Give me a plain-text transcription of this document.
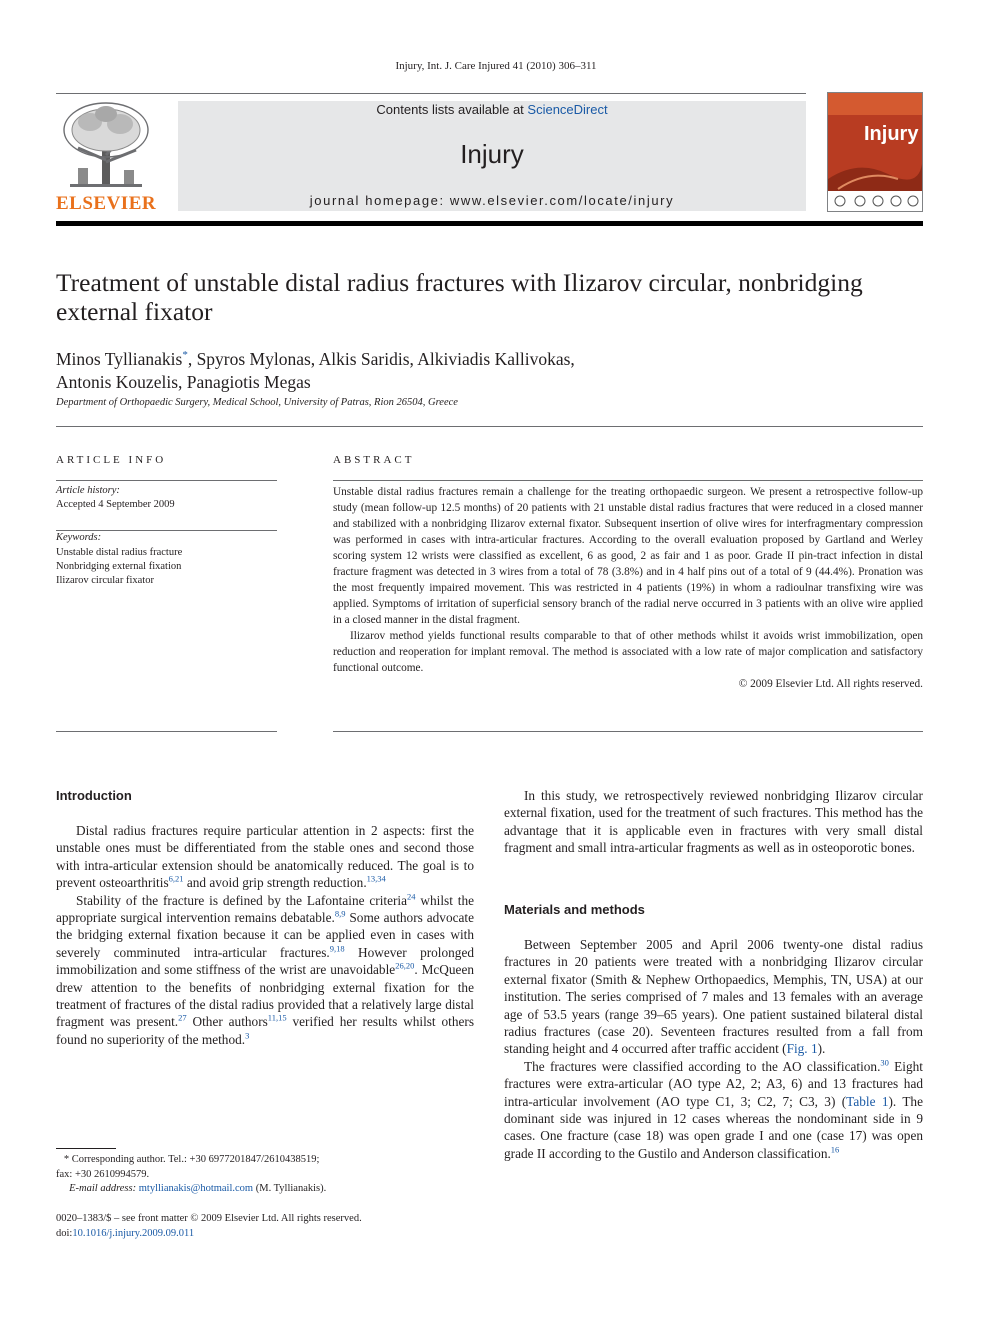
Injury, Int. J. Care Injured 41 (2010) 306–311
ELSEVIER
Contents lists available at ScienceDirect
Injury
journal homepage: www.elsevier.com/locate/injury
Injury
Treatment of unstable distal radius fractures with Ilizarov circular, nonbridging external fixator
Minos Tyllianakis*, Spyros Mylonas, Alkis Saridis, Alkiviadis Kallivokas,
Antonis Kouzelis, Panagiotis Megas
Department of Orthopaedic Surgery, Medical School, University of Patras, Rion 26504, Greece
ARTICLE INFO
Article history:
Accepted 4 September 2009
Keywords:
Unstable distal radius fracture
Nonbridging external fixation
Ilizarov circular fixator
ABSTRACT

Unstable distal radius fractures remain a challenge for the treating orthopaedic surgeon. We present a retrospective follow-up study (mean follow-up 12.5 months) of 20 patients with 21 unstable distal radius fractures that were reduced in a closed manner and stabilized with a nonbridging Ilizarov external fixator. Subsequent insertion of olive wires for interfragmentary compression was performed in cases with intra-articular fractures. According to the overall evaluation proposed by Gartland and Werley scoring system 12 wrists were classified as excellent, 6 as good, 2 as fair and 1 as poor. Grade II pin-tract infection in distal fracture fragment was detected in 3 wires from a total of 78 (3.8%) and in 4 half pins out of a total of 9 (44.4%). Pronation was the most frequently impaired movement. This was restricted in 4 patients (19%) in whom a radioulnar transfixing wire was applied. Symptoms of irritation of superficial sensory branch of the radial nerve occurred in 3 patients with an olive wire applied in a closed manner in the distal fragment.

Ilizarov method yields functional results comparable to that of other methods whilst it avoids wrist immobilization, open reduction and reoperation for implant removal. The method is associated with a low rate of major complication and satisfactory functional outcome.

© 2009 Elsevier Ltd. All rights reserved.

Introduction

Distal radius fractures require particular attention in 2 aspects: first the unstable ones must be differentiated from the stable ones and second those with intra-articular extension should be anatomically reduced. The goal is to prevent osteoarthritis$^{6,21}$ and avoid grip strength reduction.$^{13,34}$

Stability of the fracture is defined by the Lafontaine criteria$^{24}$ whilst the appropriate surgical intervention remains debatable.$^{8,9}$ Some authors advocate the bridging external fixation because it can be applied even in cases with severely comminuted intra-articular fractures.$^{9,18}$ However prolonged immobilization and some stiffness of the wrist are unavoidable$^{26,20}$. McQueen drew attention to the benefits of nonbridging external fixation for the treatment of fractures of the distal radius provided that a relatively large distal fragment was present.$^{27}$ Other authors$^{11,15}$ verified her results whilst others found no superiority of the method.$^3$

In this study, we retrospectively reviewed nonbridging Ilizarov circular external fixation, used for the treatment of such fractures. This method has the advantage that it is applicable even in fractures with very small distal fragment and small intra-articular fragments as well as in osteoporotic bones.

Materials and methods

Between September 2005 and April 2006 twenty-one distal radius fractures in 20 patients were treated with a nonbridging Ilizarov circular external fixator (Smith & Nephew Orthopaedics, Memphis, TN, USA) at our institution. The series comprised of 7 males and 13 females with an average age of 53.5 years (range 39–65 years). One patient sustained bilateral distal radius fractures (case 20). Seventeen fractures resulted from a fall from standing height and 4 occurred after traffic accident (Fig. 1).

The fractures were classified according to the AO classification.$^{30}$ Eight fractures were extra-articular (AO type A2, 2; A3, 6) and 13 fractures had intra-articular involvement (AO type C1, 3; C2, 7; C3, 3) (Table 1). The dominant side was injured in 12 cases whereas the nondominant side in 9 cases. One fracture (case 18) was open grade I and one (case 17) was open grade II according to the Gustilo and Anderson classification.$^{16}$

* Corresponding author. Tel.: +30 6977201847/2610438519;

fax: +30 2610994579.

E-mail address: mtyllianakis@hotmail.com (M. Tyllianakis).

0020–1383/$ – see front matter © 2009 Elsevier Ltd. All rights reserved.

doi:10.1016/j.injury.2009.09.011
